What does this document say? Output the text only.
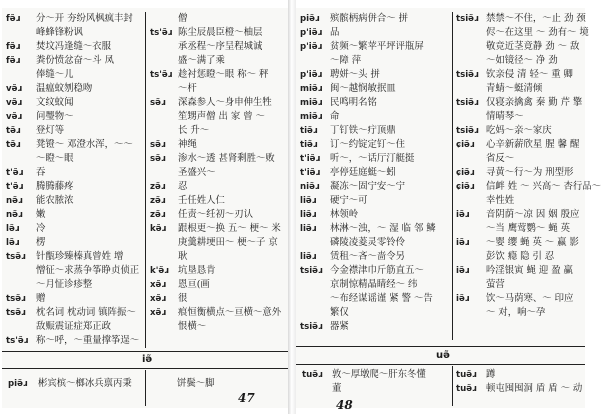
fə̃ɹ	分～开 夯纷风枫疯丰封
峰蜂锋粉讽
fə̃ɹ	焚坟冯逢缝～衣服
fə̃ɹ	粪份愤忿奋～斗 凤
俸缝～儿
və̃ɹ	温瘟蚊刎稳吻
və̃ɹ	文纹蚊闻
və̃ɹ	问璺物～
tə̃ɹ	登灯等
tə̃ɹ	凳镫～ 邓澄水浑，～～
～瞪～眼
t'ə̃ɹ	吞
t'ə̃ɹ	腾腾藤疼
nə̃ɹ	能农脓浓
nə̃ɹ	嫩
lə̃ɹ	冷
lə̃ɹ	楞
tsə̃ɹ	针甑珍臻榛真曾姓 增
憎征～求蒸争筝睁贞侦正
～月怔诊疹整
tsə̃ɹ	赠
tsə̃ɹ	枕名词 枕动词 镇阵振～
敌赈震证症郑正政
ts'ə̃ɹ 称～呼，～重量撑筝逞～
僧
ts'ə̃ɹ 陈尘辰晨臣橙～柚层
承丞程～序呈程城诚
盛～满了乘
ts'ə̃ɹ 趁衬惩瞪～眼 称～ 秤
～杆
sə̃ɹ	深森参人～身申伸生牲
笙甥声僧 出 家 曾 ～
长 升～
sə̃ɹ	神绳
sə̃ɹ	渗水～透 甚肾剩胜～败
圣盛兴～
zə̃ɹ	忍
zə̃ɹ	壬任姓人仁
zə̃ɹ	任责～纴初～刃认
kə̃ɹ	跟根更～换 五～ 梗～ 米
庚羹耕埂田～ 梗～子 京
耿
k'ə̃ɹ 坑垦恳肯
xə̃ɹ	恩亘(画
xə̃ɹ	很
xə̃ɹ	痕恒衡横点～亘横～意外
恨横～
iə̃
piə̃ɹ	彬宾槟～榔冰兵禀丙秉	饼鬓～脚
47
piə̃ɹ	殡髌柄病併合～ 拼
p'iə̃ɹ 品
p'iə̃ɹ 贫频～繁苹平坪评瓶屏
～障 萍
p'iə̃ɹ 聘姘～头 拼
miə̃ɹ 闽～越悯敏抿皿
miə̃ɹ 民鸣明名铭
miə̃ɹ 命
tiə̃ɹ	丁钉铁～疔顶鼎
tiə̃ɹ	订～约锭定钉～住
t'iə̃ɹ	听～，～话厅汀艇挺
t'iə̃ɹ	亭停廷庭蜓～蚓
niə̃ɹ	凝冻～固宁安～宁
liə̃ɹ	硬宁～可
liə̃ɹ	林领岭
liə̃ɹ	林淋～浊，～ 湿 临 邻 鳞
磷陵凌菱灵零铃伶
liə̃ɹ	赁租～吝～啬令另
tsiə̃ɹ 今金襟津巾斤筋直五～
京制惊精晶睛经～ 纬
～布经谋谣谨 紧 警 ～告
繁仅
tsiə̃ɹ 器紧
tsiə̃ɹ 禁禁～不住，～止 劲 颈
侭～在这里 ～ 劲有～ 境
敬竞近茎竟静 劲 ～ 敌
～如镜径～ 净 劲
tsiə̃ɹ 钦亲侵 清 轻～ 重 卿
青蜻～蜓清倾
tsiə̃ɹ 仅寝亲擒禽 秦 勤 芹 擎
情晴琴～
tsiə̃ɹ 吃妈～亲～家庆
ɕiə̃ɹ	心辛新薪欣星 腥 馨 醒
省反～
ɕiə̃ɹ	寻黄～行～为 刑型形
ɕiə̃ɹ	信衅 姓 ～ 兴高～ 杏行品～
幸性姓
iə̃ɹ	音阴荫～凉 因 姻 殷应
～当 鹰莺鹦～ 蝇 英
iə̃ɹ	～婴 缨 蝇 英 ～ 赢 影
彭饮 瘾 隐 引 忍
iə̃ɹ	吟淫银寅 蝇 迎 盈 赢
萤营
iə̃ɹ	饮～马荫寒、～ 印应
～ 对，响～孕
uə̃
tuə̃ɹ 敦～厚墩爬～肝东冬懂
董
tuə̃ɹ 蹲
tuə̃ɹ 顿屯囤囤洞 盾 盾 ～ 动
48
